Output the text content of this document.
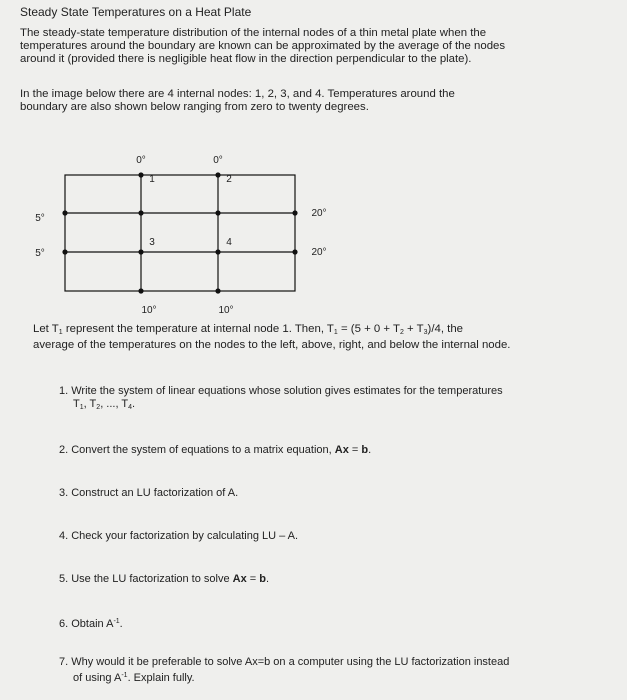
Steady State Temperatures on a Heat Plate
The steady-state temperature distribution of the internal nodes of a thin metal plate when the
temperatures around the boundary are known can be approximated by the average of the nodes
around it (provided there is negligible heat flow in the direction perpendicular to the plate).
In the image below there are 4 internal nodes: 1, 2, 3, and 4. Temperatures around the
boundary are also shown below ranging from zero to twenty degrees.
0°	0°
5°
5°
20°
20°
10°	10°
1	2
3	4
Let $T_1$ represent the temperature at internal node 1. Then, $T_1 = (5 + 0 + T_2 + T_3)/4$, the
average of the temperatures on the nodes to the left, above, right, and below the internal node.
1. Write the system of linear equations whose solution gives estimates for the temperatures
$T_1$, $T_2$, ..., $T_4$.
2. Convert the system of equations to a matrix equation, Ax = b.
3. Construct an LU factorization of A.
4. Check your factorization by calculating LU – A.
5. Use the LU factorization to solve Ax = b.
6. Obtain $A^{-1}$.
7. Why would it be preferable to solve Ax=b on a computer using the LU factorization instead
of using $A^{-1}$. Explain fully.
